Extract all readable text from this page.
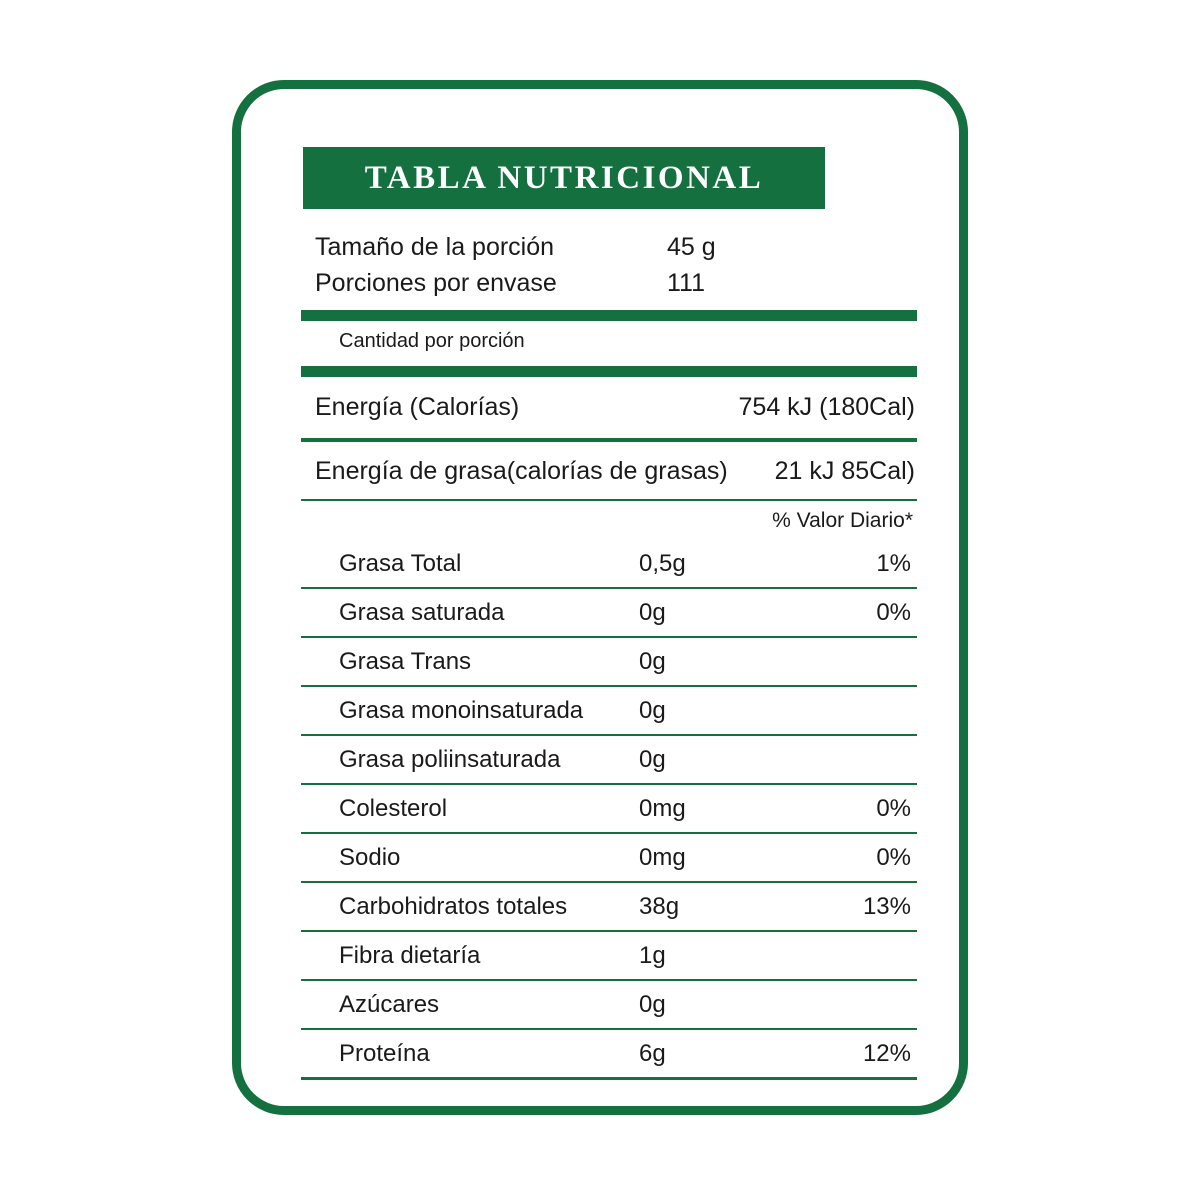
TABLA NUTRICIONAL
Tamaño de la porción	45 g
Porciones por envase	111
Cantidad por porción
Energía (Calorías)	754 kJ (180Cal)
Energía de grasa(calorías de grasas) 21 kJ 85Cal)
% Valor Diario*
Grasa Total	0,5g	1%
Grasa saturada	0g	0%
Grasa Trans	0g	
Grasa monoinsaturada	0g	
Grasa poliinsaturada	0g	
Colesterol	0mg	0%
Sodio	0mg	0%
Carbohidratos totales	38g	13%
Fibra dietaría	1g	
Azúcares	0g	
Proteína	6g	12%
